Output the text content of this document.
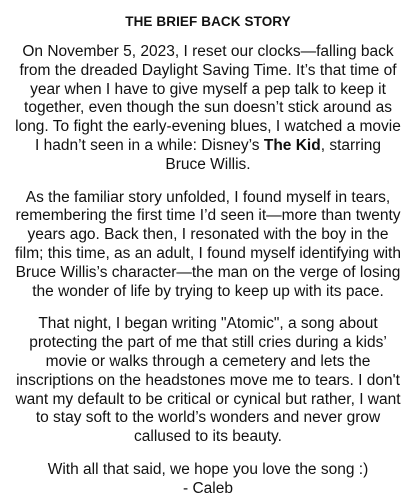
THE BRIEF BACK STORY

On November 5, 2023, I reset our clocks—falling back from the dreaded Daylight Saving Time. It’s that time of year when I have to give myself a pep talk to keep it together, even though the sun doesn’t stick around as long. To fight the early-evening blues, I watched a movie I hadn’t seen in a while: Disney’s The Kid, starring Bruce Willis.

As the familiar story unfolded, I found myself in tears, remembering the first time I’d seen it—more than twenty years ago. Back then, I resonated with the boy in the film; this time, as an adult, I found myself identifying with Bruce Willis’s character—the man on the verge of losing the wonder of life by trying to keep up with its pace.

That night, I began writing "Atomic", a song about protecting the part of me that still cries during a kids’ movie or walks through a cemetery and lets the inscriptions on the headstones move me to tears. I don't want my default to be critical or cynical but rather, I want to stay soft to the world’s wonders and never grow callused to its beauty.

With all that said, we hope you love the song :)
- Caleb
